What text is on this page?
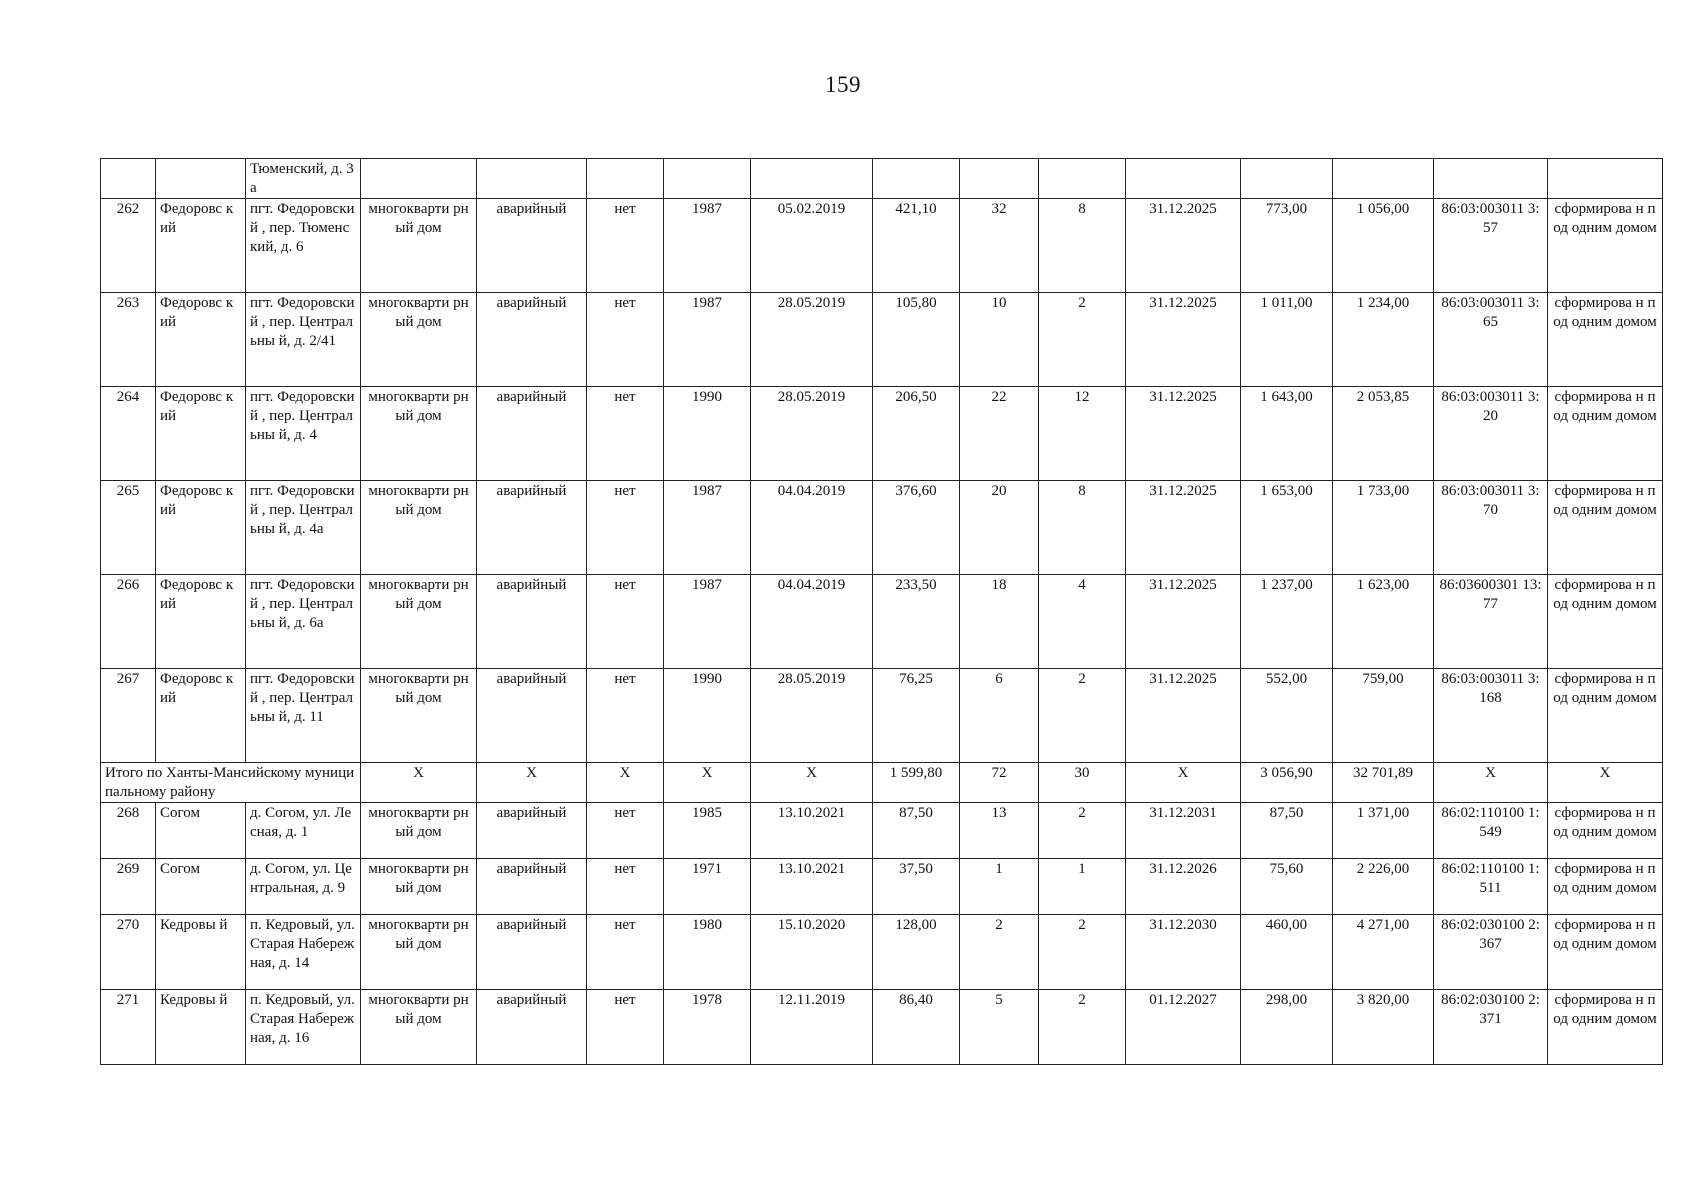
159
		Тюменский, д. 3а													
262	Федоровс кий	пгт. Федоровский , пер. Тюменский, д. 6	многокварти рный дом	аварийный	нет	1987	05.02.2019	421,10	32	8	31.12.2025	773,00	1 056,00	86:03:003011 3:57	сформирова н под одним домом
263	Федоровс кий	пгт. Федоровский , пер. Центральны й, д. 2/41	многокварти рный дом	аварийный	нет	1987	28.05.2019	105,80	10	2	31.12.2025	1 011,00	1 234,00	86:03:003011 3:65	сформирова н под одним домом
264	Федоровс кий	пгт. Федоровский , пер. Центральны й, д. 4	многокварти рный дом	аварийный	нет	1990	28.05.2019	206,50	22	12	31.12.2025	1 643,00	2 053,85	86:03:003011 3:20	сформирова н под одним домом
265	Федоровс кий	пгт. Федоровский , пер. Центральны й, д. 4а	многокварти рный дом	аварийный	нет	1987	04.04.2019	376,60	20	8	31.12.2025	1 653,00	1 733,00	86:03:003011 3:70	сформирова н под одним домом
266	Федоровс кий	пгт. Федоровский , пер. Центральны й, д. 6а	многокварти рный дом	аварийный	нет	1987	04.04.2019	233,50	18	4	31.12.2025	1 237,00	1 623,00	86:03600301 13:77	сформирова н под одним домом
267	Федоровс кий	пгт. Федоровский , пер. Центральны й, д. 11	многокварти рный дом	аварийный	нет	1990	28.05.2019	76,25	6	2	31.12.2025	552,00	759,00	86:03:003011 3:168	сформирова н под одним домом
Итого по Ханты-Мансийскому муниципальному району			X	X	X	X	X	1 599,80	72	30	X	3 056,90	32 701,89	X	X
268	Согом	д. Согом, ул. Лесная, д. 1	многокварти рный дом	аварийный	нет	1985	13.10.2021	87,50	13	2	31.12.2031	87,50	1 371,00	86:02:110100 1:549	сформирова н под одним домом
269	Согом	д. Согом, ул. Центральная, д. 9	многокварти рный дом	аварийный	нет	1971	13.10.2021	37,50	1	1	31.12.2026	75,60	2 226,00	86:02:110100 1:511	сформирова н под одним домом
270	Кедровы й	п. Кедровый, ул. Старая Набережная, д. 14	многокварти рный дом	аварийный	нет	1980	15.10.2020	128,00	2	2	31.12.2030	460,00	4 271,00	86:02:030100 2:367	сформирова н под одним домом
271	Кедровы й	п. Кедровый, ул. Старая Набережная, д. 16	многокварти рный дом	аварийный	нет	1978	12.11.2019	86,40	5	2	01.12.2027	298,00	3 820,00	86:02:030100 2:371	сформирова н под одним домом
